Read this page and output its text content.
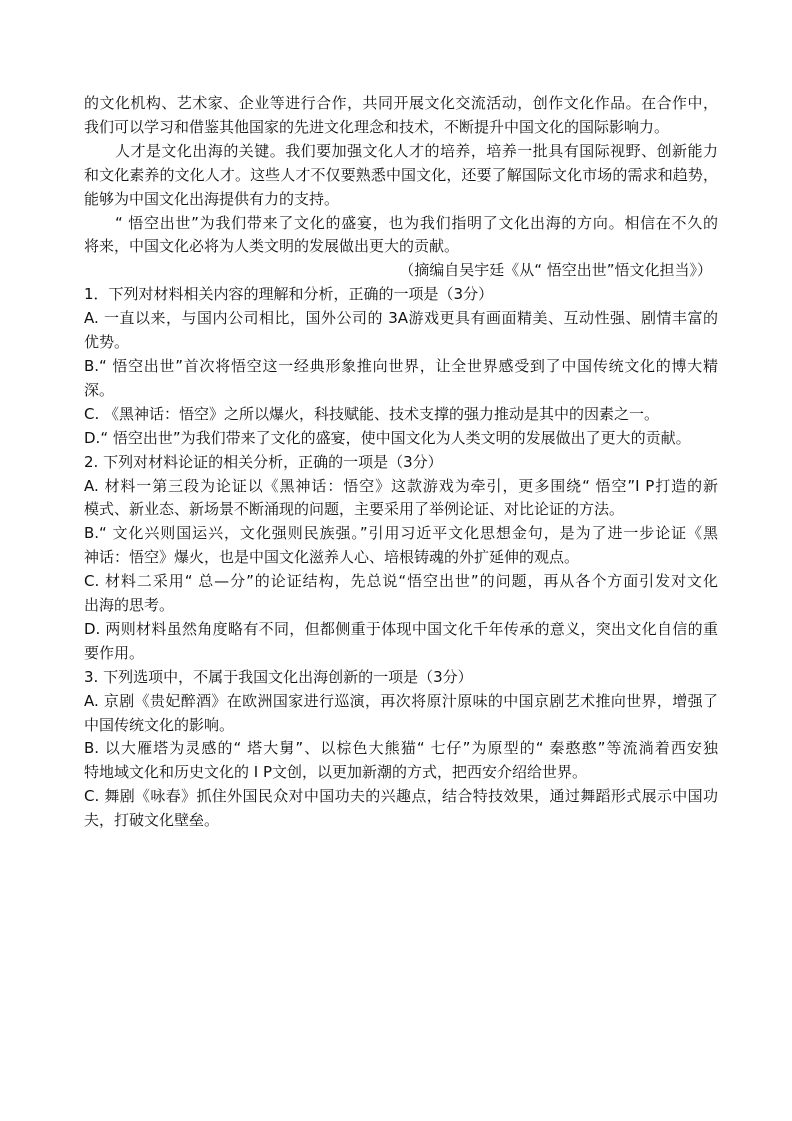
的文化机构、艺术家、企业等进行合作，共同开展文化交流活动，创作文化作品。在合作中，
我们可以学习和借鉴其他国家的先进文化理念和技术，不断提升中国文化的国际影响力。
人才是文化出海的关键。我们要加强文化人才的培养，培养一批具有国际视野、创新能力
和文化素养的文化人才。这些人才不仅要熟悉中国文化，还要了解国际文化市场的需求和趋势，
能够为中国文化出海提供有力的支持。
“ 悟空出世”为我们带来了文化的盛宴，也为我们指明了文化出海的方向。相信在不久的
将来，中国文化必将为人类文明的发展做出更大的贡献。
（摘编自吴宇廷《从“ 悟空出世”悟文化担当》）
1．下列对材料相关内容的理解和分析，正确的一项是（3分）
A. 一直以来，与国内公司相比，国外公司的 3A游戏更具有画面精美、互动性强、剧情丰富的
优势。
B.“ 悟空出世”首次将悟空这一经典形象推向世界，让全世界感受到了中国传统文化的博大精
深。
C. 《黑神话：悟空》之所以爆火，科技赋能、技术支撑的强力推动是其中的因素之一。
D.“ 悟空出世”为我们带来了文化的盛宴，使中国文化为人类文明的发展做出了更大的贡献。
2. 下列对材料论证的相关分析，正确的一项是（3分）
A. 材料一第三段为论证以《黑神话：悟空》这款游戏为牵引，更多围绕“ 悟空”I P打造的新
模式、新业态、新场景不断涌现的问题，主要采用了举例论证、对比论证的方法。
B.“ 文化兴则国运兴，文化强则民族强。”引用习近平文化思想金句，是为了进一步论证《黑
神话：悟空》爆火，也是中国文化滋养人心、培根铸魂的外扩延伸的观点。
C. 材料二采用“ 总—分”的论证结构，先总说“悟空出世”的问题，再从各个方面引发对文化
出海的思考。
D. 两则材料虽然角度略有不同，但都侧重于体现中国文化千年传承的意义，突出文化自信的重
要作用。
3. 下列选项中，不属于我国文化出海创新的一项是（3分）
A. 京剧《贵妃醉酒》在欧洲国家进行巡演，再次将原汁原味的中国京剧艺术推向世界，增强了
中国传统文化的影响。
B. 以大雁塔为灵感的“ 塔大舅”、以棕色大熊猫“ 七仔”为原型的“ 秦憨憨”等流淌着西安独
特地域文化和历史文化的 I P文创，以更加新潮的方式，把西安介绍给世界。
C. 舞剧《咏春》抓住外国民众对中国功夫的兴趣点，结合特技效果，通过舞蹈形式展示中国功
夫，打破文化壁垒。
